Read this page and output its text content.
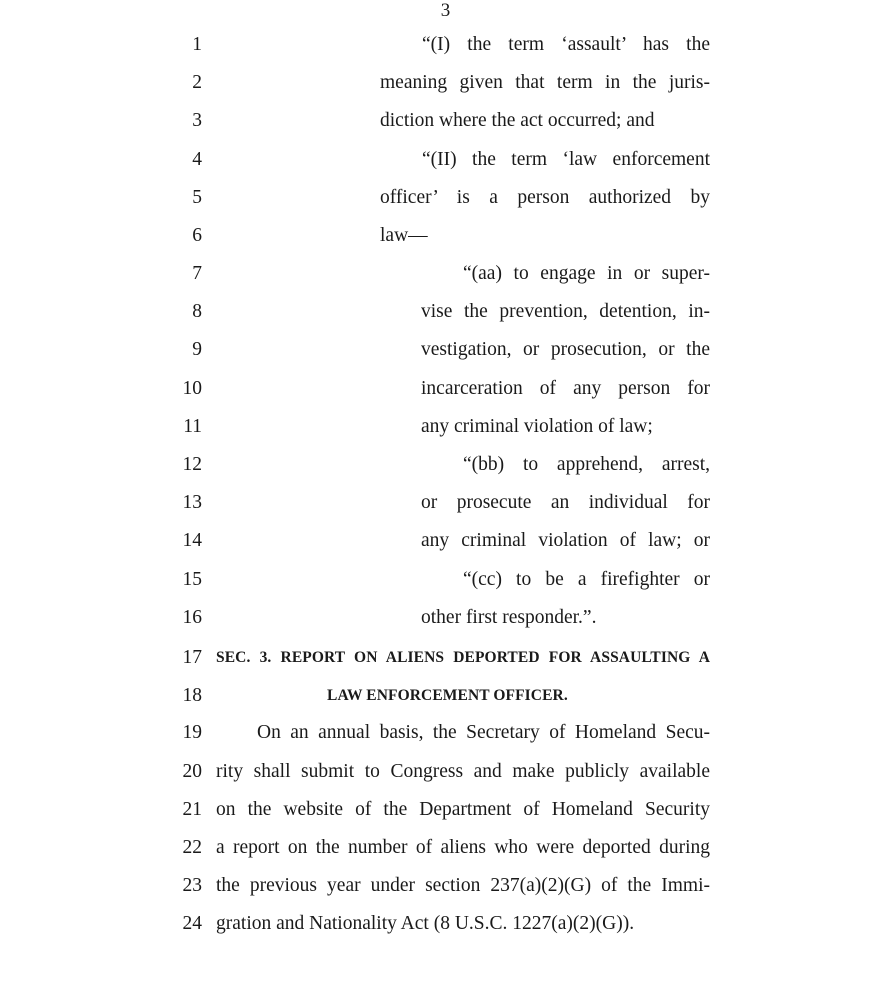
3
1	“(I) the term ‘assault’ has the
2	meaning given that term in the juris-
3	diction where the act occurred; and
4	“(II) the term ‘law enforcement
5	officer’ is a person authorized by
6	law—
7	“(aa) to engage in or super-
8	vise the prevention, detention, in-
9	vestigation, or prosecution, or the
10	incarceration of any person for
11	any criminal violation of law;
12	“(bb) to apprehend, arrest,
13	or prosecute an individual for
14	any criminal violation of law; or
15	“(cc) to be a firefighter or
16	other first responder.”.
17 SEC. 3. REPORT ON ALIENS DEPORTED FOR ASSAULTING A
18	LAW ENFORCEMENT OFFICER.
19	On an annual basis, the Secretary of Homeland Secu-
20 rity shall submit to Congress and make publicly available
21 on the website of the Department of Homeland Security
22 a report on the number of aliens who were deported during
23 the previous year under section 237(a)(2)(G) of the Immi-
24 gration and Nationality Act (8 U.S.C. 1227(a)(2)(G)).
